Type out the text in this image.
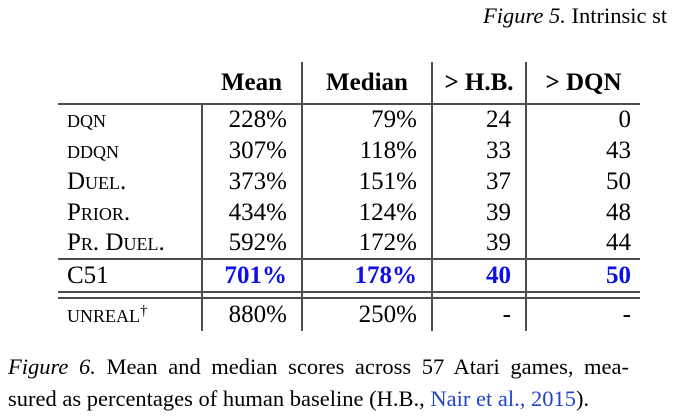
Figure 5. Intrinsic st
	Mean	Median	> H.B.	> DQN
dqn	228%	79%	24	0
ddqn	307%	118%	33	43
Duel.	373%	151%	37	50
Prior.	434%	124%	39	48
Pr. Duel.	592%	172%	39	44
C51	701%	178%	40	50

unreal†	880%	250%	-	-
Figure 6. Mean and median scores across 57 Atari games, mea-
sured as percentages of human baseline (H.B., Nair et al., 2015).
